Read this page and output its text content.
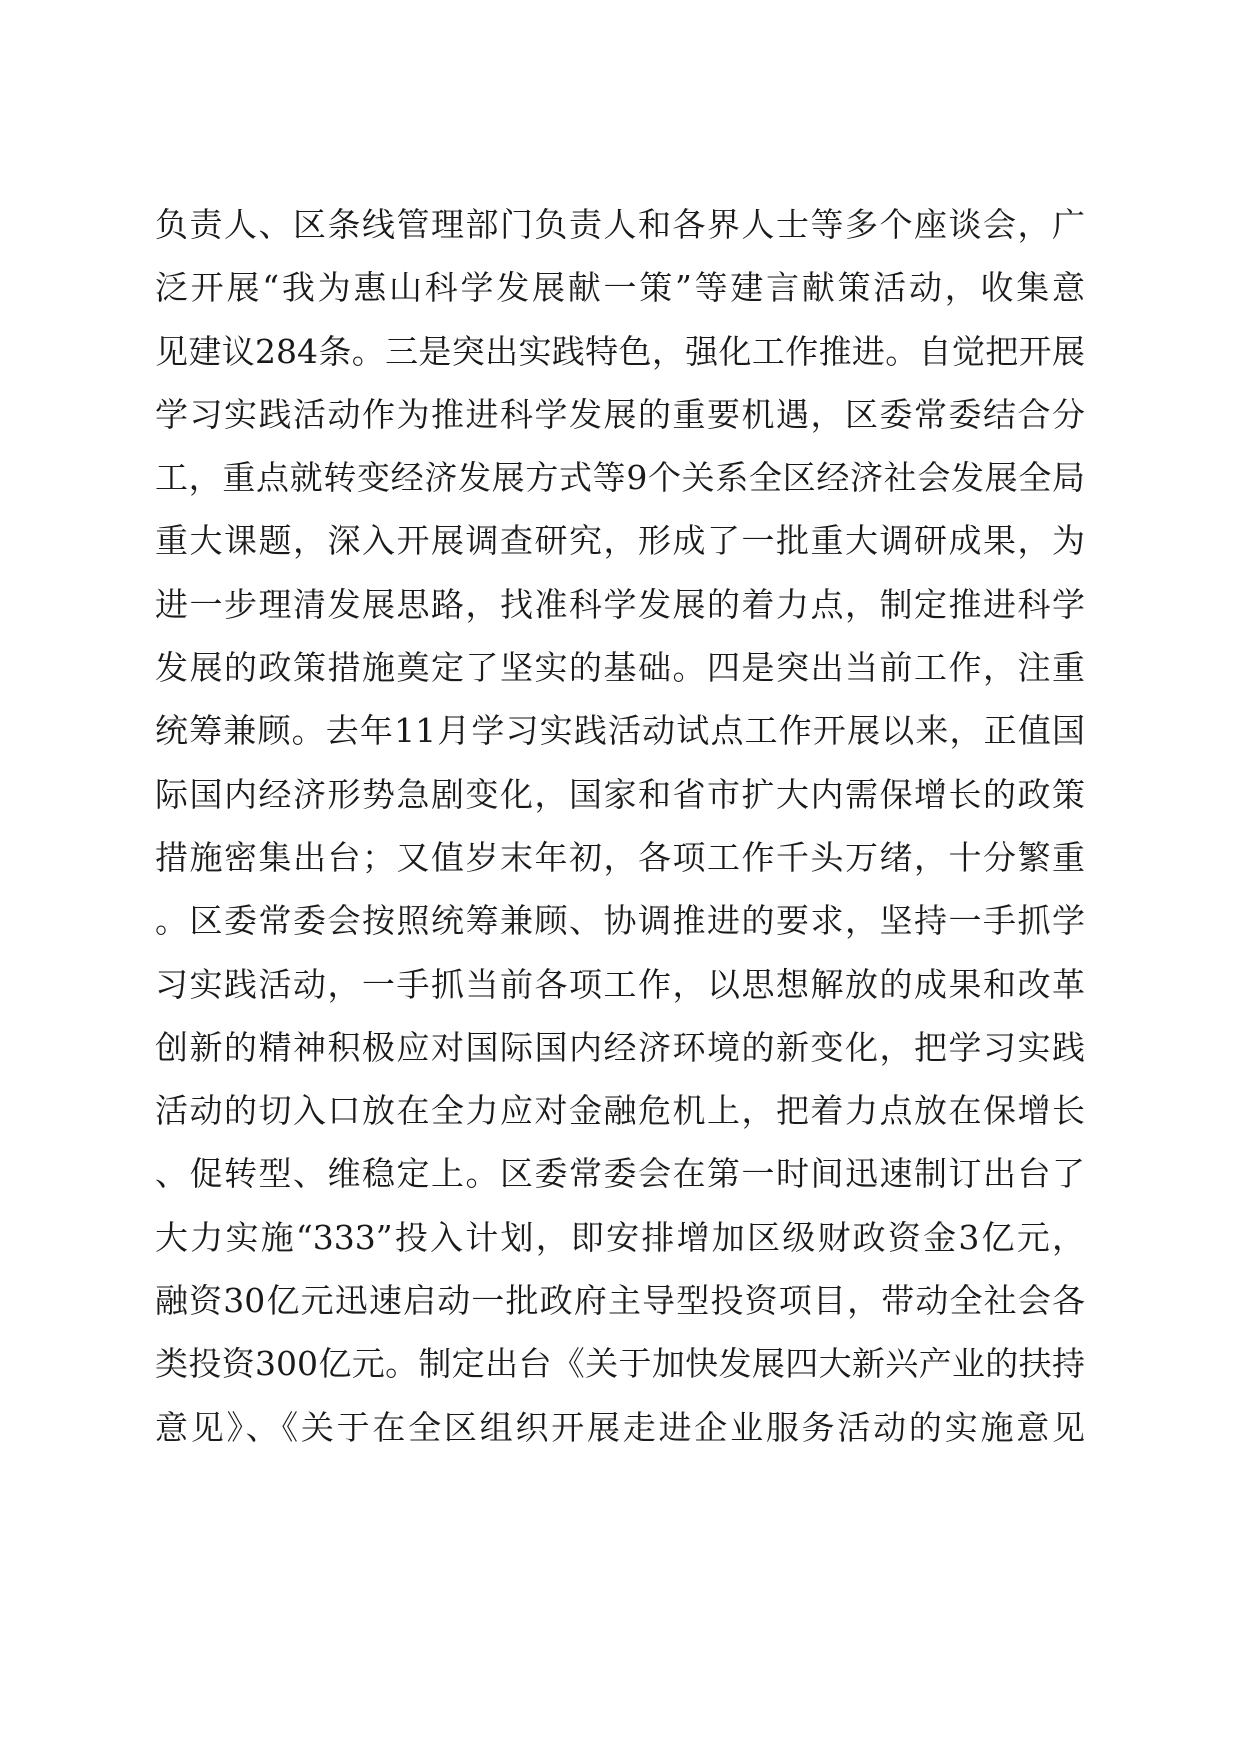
负责人、区条线管理部门负责人和各界人士等多个座谈会，广
泛开展“我为惠山科学发展献一策”等建言献策活动，收集意
见建议284条。三是突出实践特色，强化工作推进。自觉把开展
学习实践活动作为推进科学发展的重要机遇，区委常委结合分
工，重点就转变经济发展方式等9个关系全区经济社会发展全局
重大课题，深入开展调查研究，形成了一批重大调研成果，为
进一步理清发展思路，找准科学发展的着力点，制定推进科学
发展的政策措施奠定了坚实的基础。四是突出当前工作，注重
统筹兼顾。去年11月学习实践活动试点工作开展以来，正值国
际国内经济形势急剧变化，国家和省市扩大内需保增长的政策
措施密集出台；又值岁末年初，各项工作千头万绪，十分繁重
。区委常委会按照统筹兼顾、协调推进的要求，坚持一手抓学
习实践活动，一手抓当前各项工作，以思想解放的成果和改革
创新的精神积极应对国际国内经济环境的新变化，把学习实践
活动的切入口放在全力应对金融危机上，把着力点放在保增长
、促转型、维稳定上。区委常委会在第一时间迅速制订出台了
大力实施“333”投入计划，即安排增加区级财政资金3亿元，
融资30亿元迅速启动一批政府主导型投资项目，带动全社会各
类投资300亿元。制定出台《关于加快发展四大新兴产业的扶持
意见》、《关于在全区组织开展走进企业服务活动的实施意见
